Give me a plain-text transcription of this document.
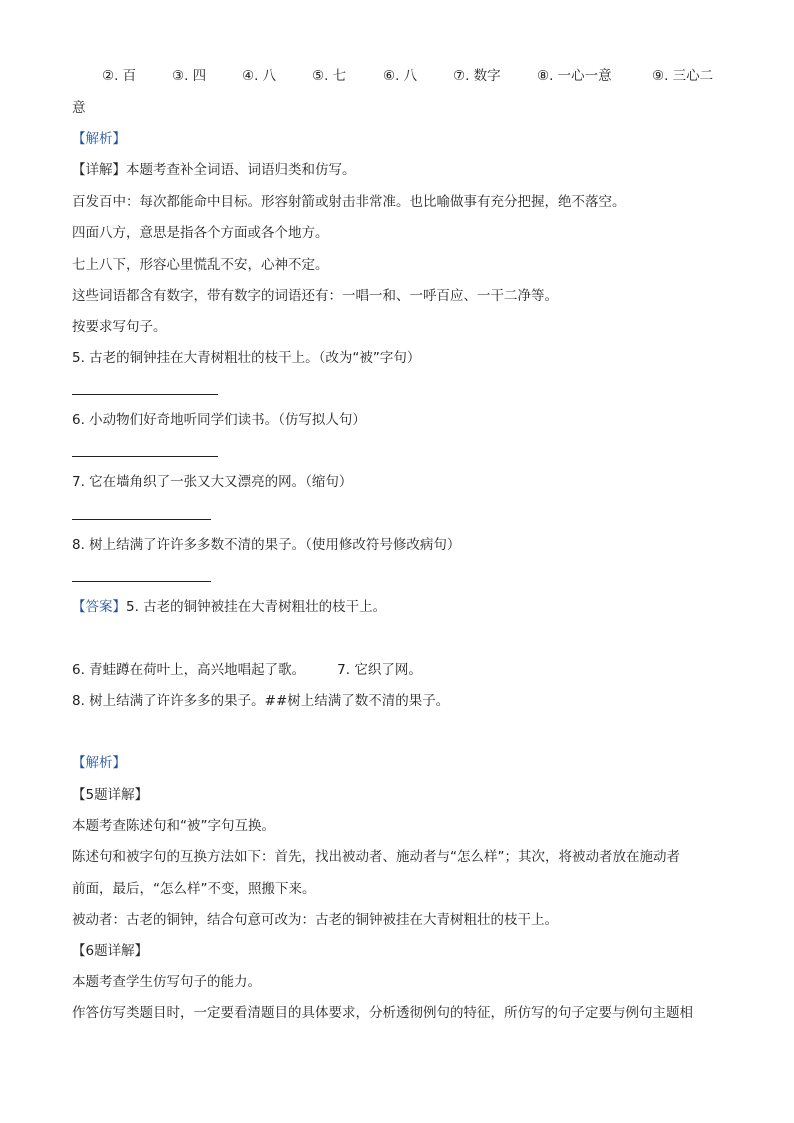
②. 百	③. 四	④. 八	⑤. 七	⑥. 八	⑦. 数字	⑧. 一心一意	⑨. 三心二
意
【解析】
【详解】本题考查补全词语、词语归类和仿写。
百发百中：每次都能命中目标。形容射箭或射击非常准。也比喻做事有充分把握，绝不落空。
四面八方，意思是指各个方面或各个地方。
七上八下，形容心里慌乱不安，心神不定。
这些词语都含有数字，带有数字的词语还有：一唱一和、一呼百应、一干二净等。
按要求写句子。
5. 古老的铜钟挂在大青树粗壮的枝干上。（改为“被”字句）
6. 小动物们好奇地听同学们读书。（仿写拟人句）
7. 它在墙角织了一张又大又漂亮的网。（缩句）
8. 树上结满了许许多多数不清的果子。（使用修改符号修改病句）
【答案】5. 古老的铜钟被挂在大青树粗壮的枝干上。
6. 青蛙蹲在荷叶上，高兴地唱起了歌。 7. 它织了网。
8. 树上结满了许许多多的果子。##树上结满了数不清的果子。
【解析】
【5题详解】
本题考查陈述句和“被”字句互换。
陈述句和被字句的互换方法如下：首先，找出被动者、施动者与“怎么样”；其次，将被动者放在施动者
前面，最后，“怎么样”不变，照搬下来。
被动者：古老的铜钟，结合句意可改为：古老的铜钟被挂在大青树粗壮的枝干上。
【6题详解】
本题考查学生仿写句子的能力。
作答仿写类题目时，一定要看清题目的具体要求，分析透彻例句的特征，所仿写的句子定要与例句主题相
